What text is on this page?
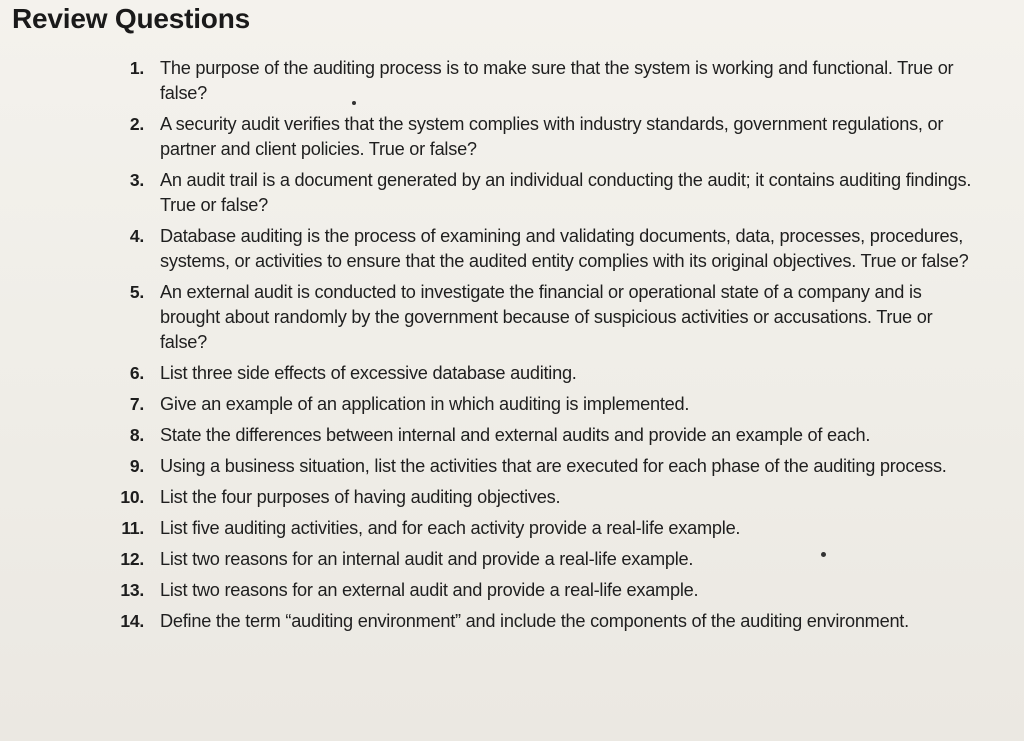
Review Questions
1. The purpose of the auditing process is to make sure that the system is working and functional. True or false?
2. A security audit verifies that the system complies with industry standards, government regulations, or partner and client policies. True or false?
3. An audit trail is a document generated by an individual conducting the audit; it contains auditing findings. True or false?
4. Database auditing is the process of examining and validating documents, data, processes, procedures, systems, or activities to ensure that the audited entity complies with its original objectives. True or false?
5. An external audit is conducted to investigate the financial or operational state of a company and is brought about randomly by the government because of suspicious activities or accusations. True or false?
6. List three side effects of excessive database auditing.
7. Give an example of an application in which auditing is implemented.
8. State the differences between internal and external audits and provide an example of each.
9. Using a business situation, list the activities that are executed for each phase of the auditing process.
10. List the four purposes of having auditing objectives.
11. List five auditing activities, and for each activity provide a real-life example.
12. List two reasons for an internal audit and provide a real-life example.
13. List two reasons for an external audit and provide a real-life example.
14. Define the term “auditing environment” and include the components of the auditing environment.
